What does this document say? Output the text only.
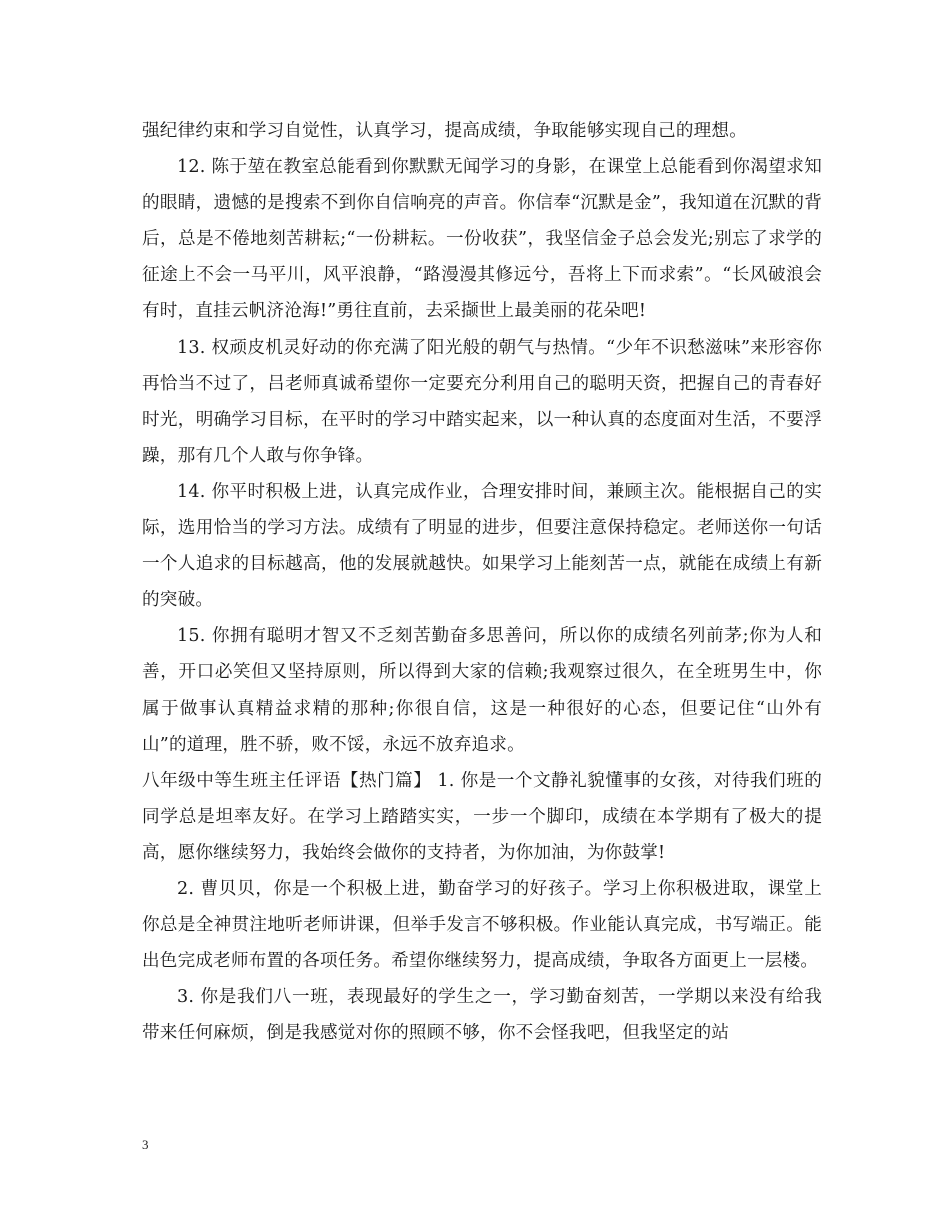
强纪律约束和学习自觉性，认真学习，提高成绩，争取能够实现自己的理想。

12. 陈于堃在教室总能看到你默默无闻学习的身影，在课堂上总能看到你渴望求知的眼睛，遗憾的是搜索不到你自信响亮的声音。你信奉“沉默是金”，我知道在沉默的背后，总是不倦地刻苦耕耘;“一份耕耘。一份收获”，我坚信金子总会发光;别忘了求学的征途上不会一马平川，风平浪静，“路漫漫其修远兮，吾将上下而求索”。“长风破浪会有时，直挂云帆济沧海!”勇往直前，去采撷世上最美丽的花朵吧!

13. 权顽皮机灵好动的你充满了阳光般的朝气与热情。“少年不识愁滋味”来形容你再恰当不过了，吕老师真诚希望你一定要充分利用自己的聪明天资，把握自己的青春好时光，明确学习目标，在平时的学习中踏实起来，以一种认真的态度面对生活，不要浮躁，那有几个人敢与你争锋。

14. 你平时积极上进，认真完成作业，合理安排时间，兼顾主次。能根据自己的实际，选用恰当的学习方法。成绩有了明显的进步，但要注意保持稳定。老师送你一句话一个人追求的目标越高，他的发展就越快。如果学习上能刻苦一点，就能在成绩上有新的突破。

15. 你拥有聪明才智又不乏刻苦勤奋多思善问，所以你的成绩名列前茅;你为人和善，开口必笑但又坚持原则，所以得到大家的信赖;我观察过很久，在全班男生中，你属于做事认真精益求精的那种;你很自信，这是一种很好的心态，但要记住“山外有山”的道理，胜不骄，败不馁，永远不放弃追求。

八年级中等生班主任评语【热门篇】 1. 你是一个文静礼貌懂事的女孩，对待我们班的同学总是坦率友好。在学习上踏踏实实，一步一个脚印，成绩在本学期有了极大的提高，愿你继续努力，我始终会做你的支持者，为你加油，为你鼓掌!

2. 曹贝贝，你是一个积极上进，勤奋学习的好孩子。学习上你积极进取，课堂上你总是全神贯注地听老师讲课，但举手发言不够积极。作业能认真完成，书写端正。能出色完成老师布置的各项任务。希望你继续努力，提高成绩，争取各方面更上一层楼。

3. 你是我们八一班，表现最好的学生之一，学习勤奋刻苦，一学期以来没有给我带来任何麻烦，倒是我感觉对你的照顾不够，你不会怪我吧，但我坚定的站

3
